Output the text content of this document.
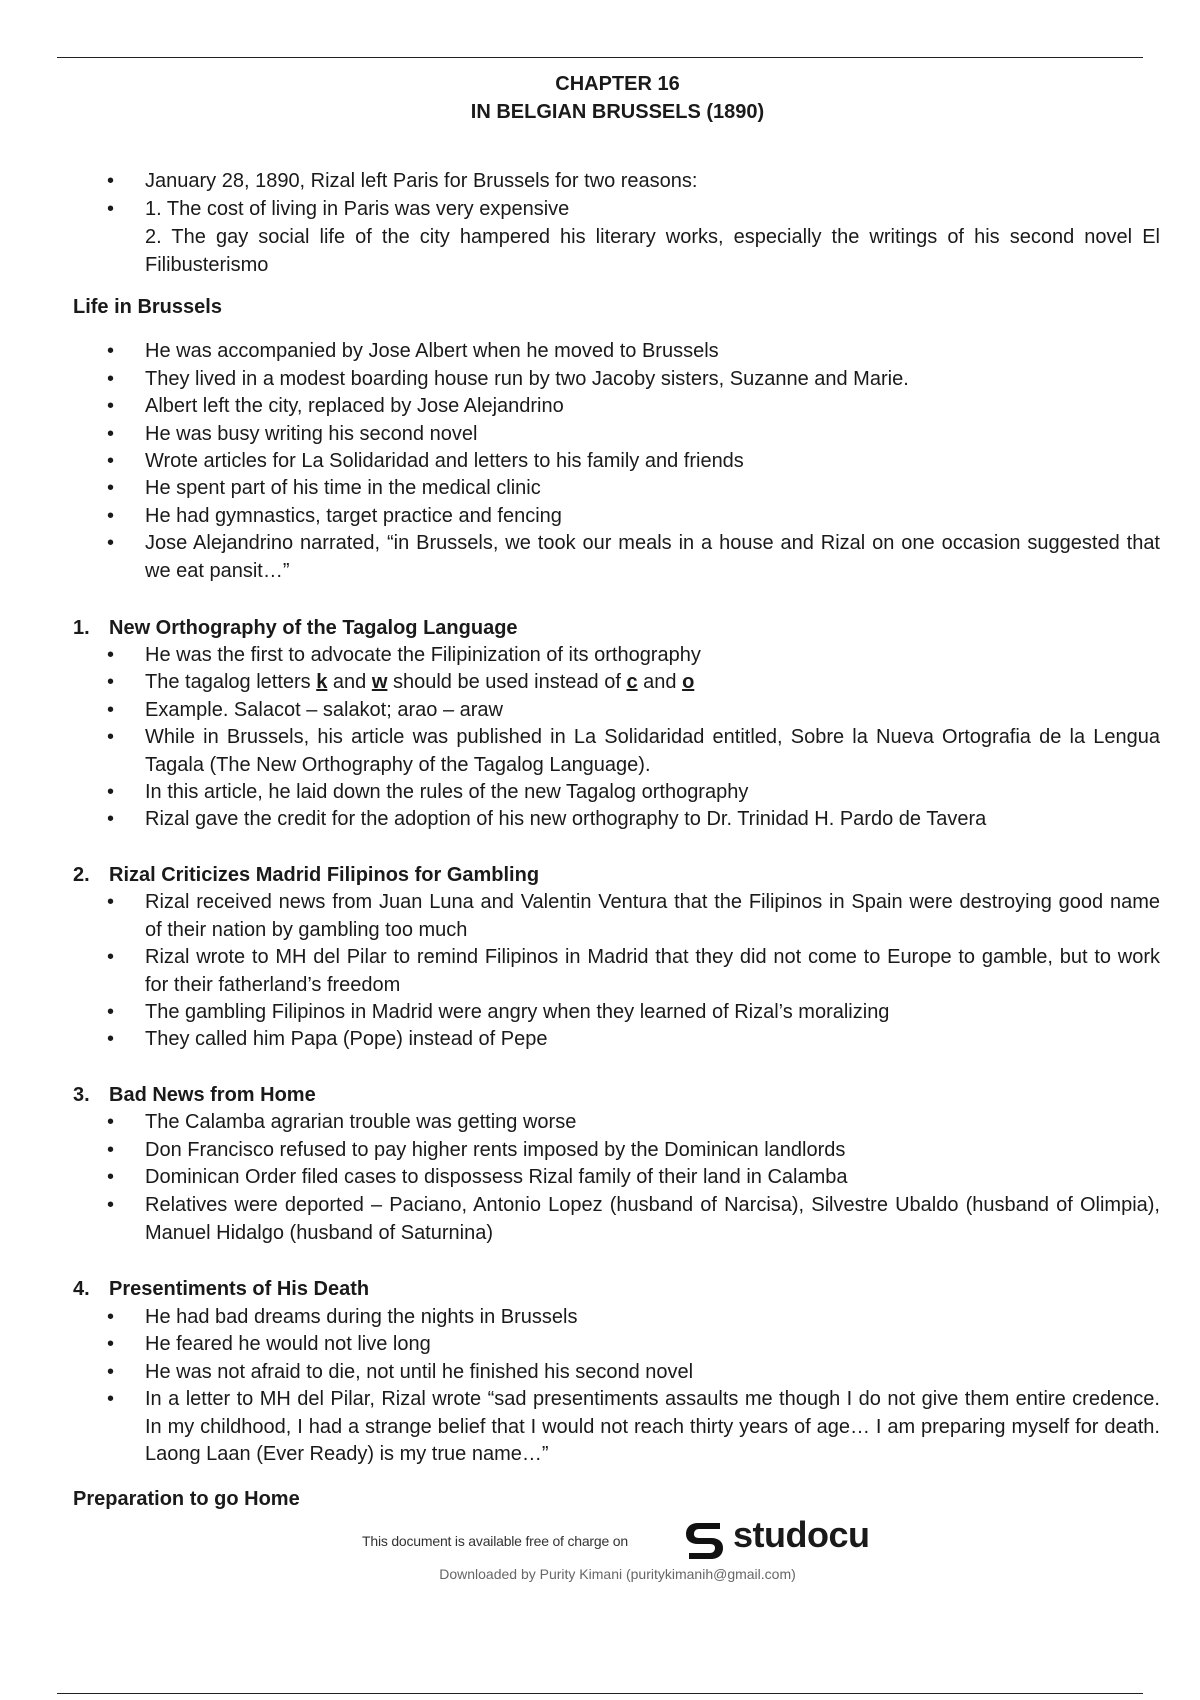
CHAPTER 16
IN BELGIAN BRUSSELS (1890)
• January 28, 1890, Rizal left Paris for Brussels for two reasons:
• 1. The cost of living in Paris was very expensive
2. The gay social life of the city hampered his literary works, especially the writings of his second novel El Filibusterismo
Life in Brussels
• He was accompanied by Jose Albert when he moved to Brussels
• They lived in a modest boarding house run by two Jacoby sisters, Suzanne and Marie.
• Albert left the city, replaced by Jose Alejandrino
• He was busy writing his second novel
• Wrote articles for La Solidaridad and letters to his family and friends
• He spent part of his time in the medical clinic
• He had gymnastics, target practice and fencing
• Jose Alejandrino narrated, “in Brussels, we took our meals in a house and Rizal on one occasion suggested that we eat pansit…”
1. New Orthography of the Tagalog Language
• He was the first to advocate the Filipinization of its orthography
• The tagalog letters k and w should be used instead of c and o
• Example. Salacot – salakot; arao – araw
• While in Brussels, his article was published in La Solidaridad entitled, Sobre la Nueva Ortografia de la Lengua Tagala (The New Orthography of the Tagalog Language).
• In this article, he laid down the rules of the new Tagalog orthography
• Rizal gave the credit for the adoption of his new orthography to Dr. Trinidad H. Pardo de Tavera
2. Rizal Criticizes Madrid Filipinos for Gambling
• Rizal received news from Juan Luna and Valentin Ventura that the Filipinos in Spain were destroying good name of their nation by gambling too much
• Rizal wrote to MH del Pilar to remind Filipinos in Madrid that they did not come to Europe to gamble, but to work for their fatherland’s freedom
• The gambling Filipinos in Madrid were angry when they learned of Rizal’s moralizing
• They called him Papa (Pope) instead of Pepe
3. Bad News from Home
• The Calamba agrarian trouble was getting worse
• Don Francisco refused to pay higher rents imposed by the Dominican landlords
• Dominican Order filed cases to dispossess Rizal family of their land in Calamba
• Relatives were deported – Paciano, Antonio Lopez (husband of Narcisa), Silvestre Ubaldo (husband of Olimpia), Manuel Hidalgo (husband of Saturnina)
4. Presentiments of His Death
• He had bad dreams during the nights in Brussels
• He feared he would not live long
• He was not afraid to die, not until he finished his second novel
• In a letter to MH del Pilar, Rizal wrote “sad presentiments assaults me though I do not give them entire credence. In my childhood, I had a strange belief that I would not reach thirty years of age… I am preparing myself for death. Laong Laan (Ever Ready) is my true name…”
Preparation to go Home
This document is available free of charge on	studocu
Downloaded by Purity Kimani (puritykimanih@gmail.com)
